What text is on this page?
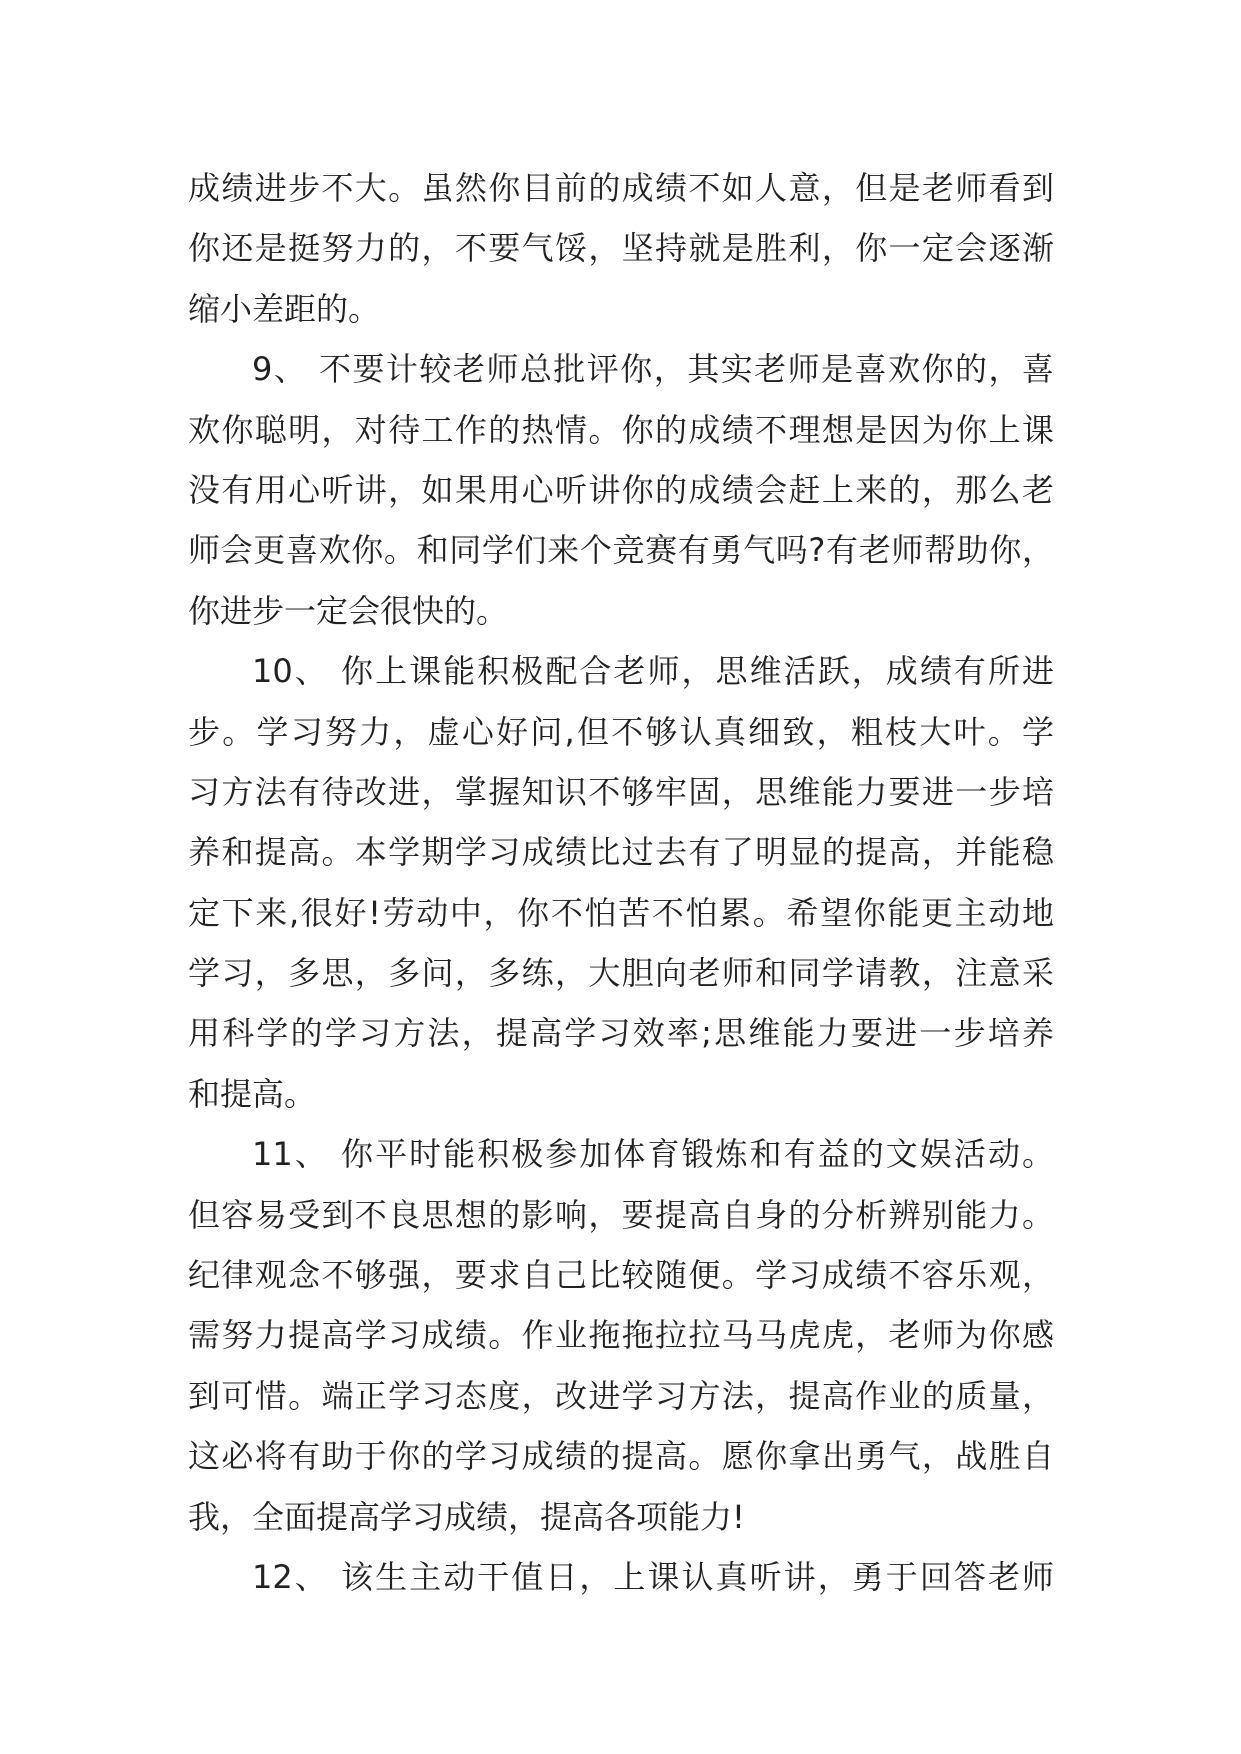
成绩进步不大。虽然你目前的成绩不如人意，但是老师看到
你还是挺努力的，不要气馁，坚持就是胜利，你一定会逐渐
缩小差距的。
9、 不要计较老师总批评你，其实老师是喜欢你的，喜
欢你聪明，对待工作的热情。你的成绩不理想是因为你上课
没有用心听讲，如果用心听讲你的成绩会赶上来的，那么老
师会更喜欢你。和同学们来个竞赛有勇气吗?有老师帮助你，
你进步一定会很快的。
10、 你上课能积极配合老师，思维活跃，成绩有所进
步。学习努力，虚心好问,但不够认真细致，粗枝大叶。学
习方法有待改进，掌握知识不够牢固，思维能力要进一步培
养和提高。本学期学习成绩比过去有了明显的提高，并能稳
定下来,很好!劳动中，你不怕苦不怕累。希望你能更主动地
学习，多思，多问，多练，大胆向老师和同学请教，注意采
用科学的学习方法，提高学习效率;思维能力要进一步培养
和提高。
11、 你平时能积极参加体育锻炼和有益的文娱活动。
但容易受到不良思想的影响，要提高自身的分析辨别能力。
纪律观念不够强，要求自己比较随便。学习成绩不容乐观，
需努力提高学习成绩。作业拖拖拉拉马马虎虎，老师为你感
到可惜。端正学习态度，改进学习方法，提高作业的质量，
这必将有助于你的学习成绩的提高。愿你拿出勇气，战胜自
我，全面提高学习成绩，提高各项能力!
12、 该生主动干值日，上课认真听讲，勇于回答老师
